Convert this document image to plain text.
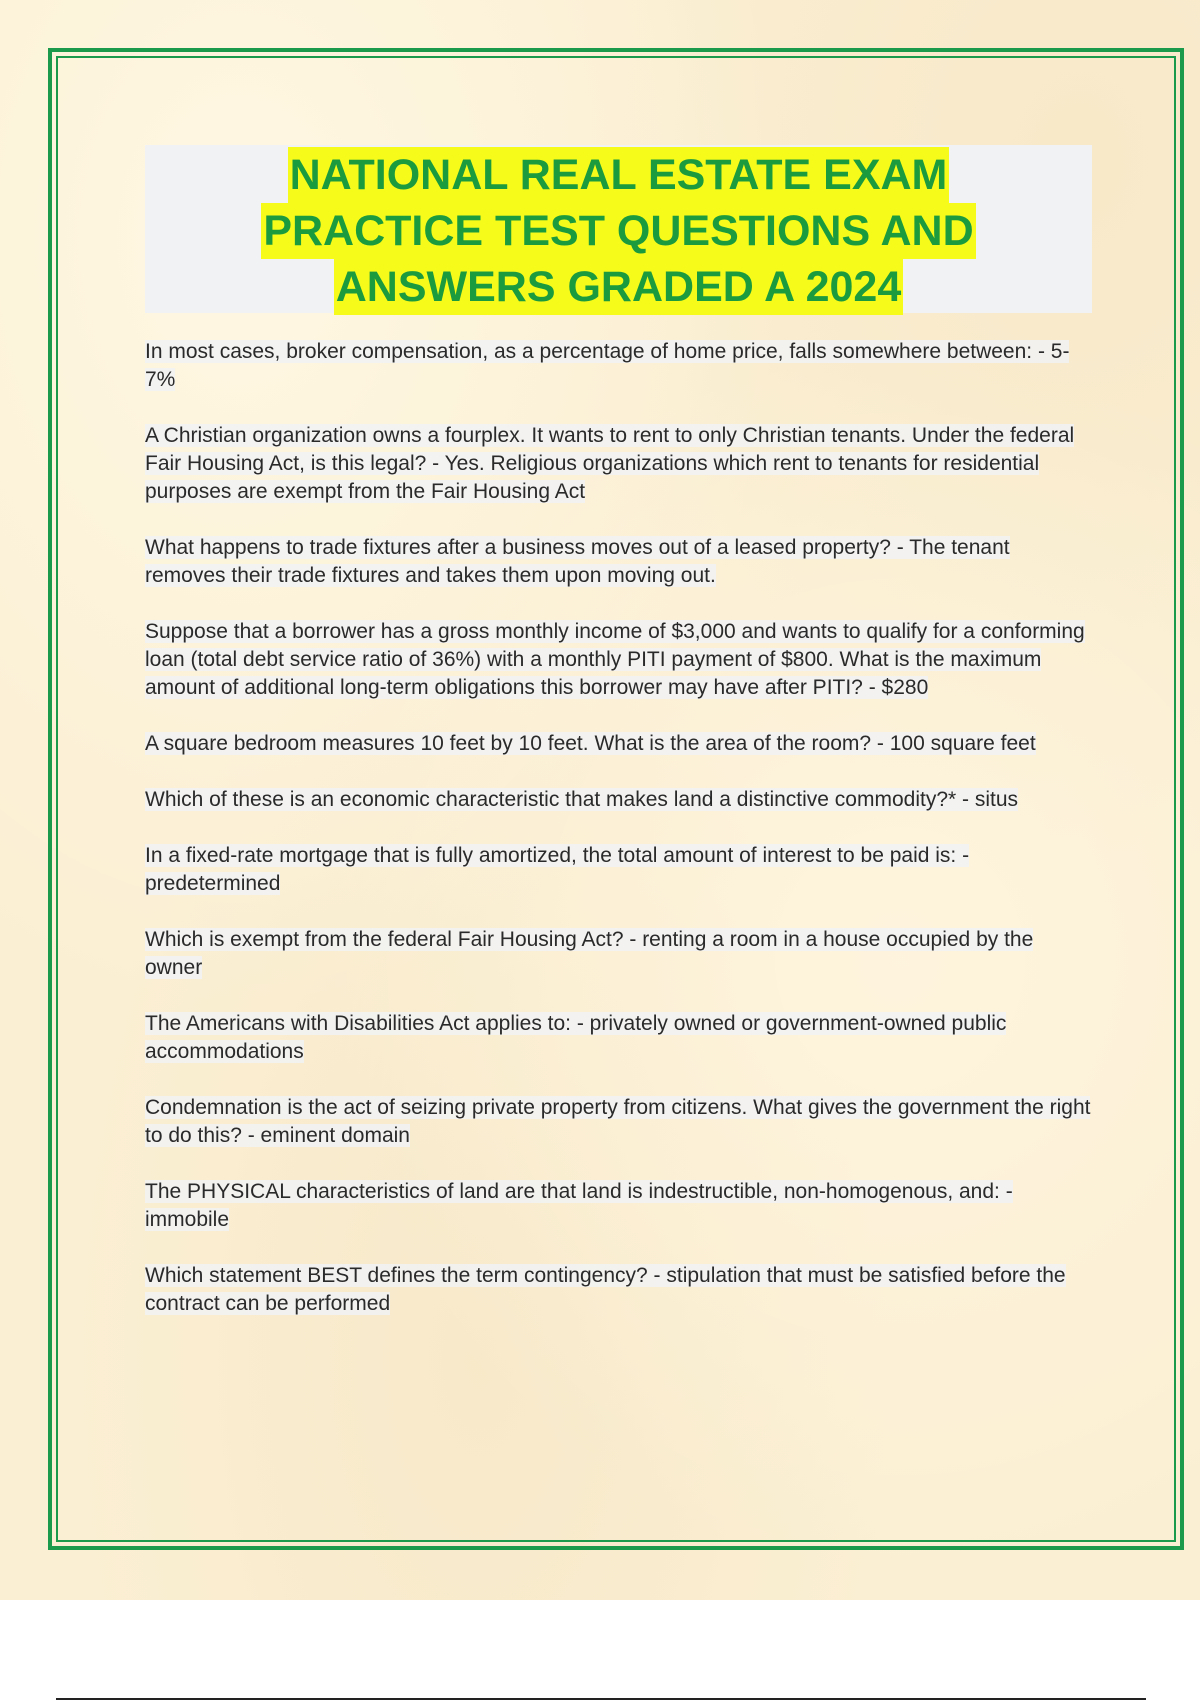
NATIONAL REAL ESTATE EXAM
PRACTICE TEST QUESTIONS AND
ANSWERS GRADED A 2024

In most cases, broker compensation, as a percentage of home price, falls somewhere between: - 5-7%

A Christian organization owns a fourplex. It wants to rent to only Christian tenants. Under the federal Fair Housing Act, is this legal? - Yes. Religious organizations which rent to tenants for residential purposes are exempt from the Fair Housing Act

What happens to trade fixtures after a business moves out of a leased property? - The tenant removes their trade fixtures and takes them upon moving out.

Suppose that a borrower has a gross monthly income of $3,000 and wants to qualify for a conforming loan (total debt service ratio of 36%) with a monthly PITI payment of $800. What is the maximum amount of additional long-term obligations this borrower may have after PITI? - $280

A square bedroom measures 10 feet by 10 feet. What is the area of the room? - 100 square feet

Which of these is an economic characteristic that makes land a distinctive commodity?* - situs

In a fixed-rate mortgage that is fully amortized, the total amount of interest to be paid is: - predetermined

Which is exempt from the federal Fair Housing Act? - renting a room in a house occupied by the owner

The Americans with Disabilities Act applies to: - privately owned or government-owned public accommodations

Condemnation is the act of seizing private property from citizens. What gives the government the right to do this? - eminent domain

The PHYSICAL characteristics of land are that land is indestructible, non-homogenous, and: - immobile

Which statement BEST defines the term contingency? - stipulation that must be satisfied before the contract can be performed
